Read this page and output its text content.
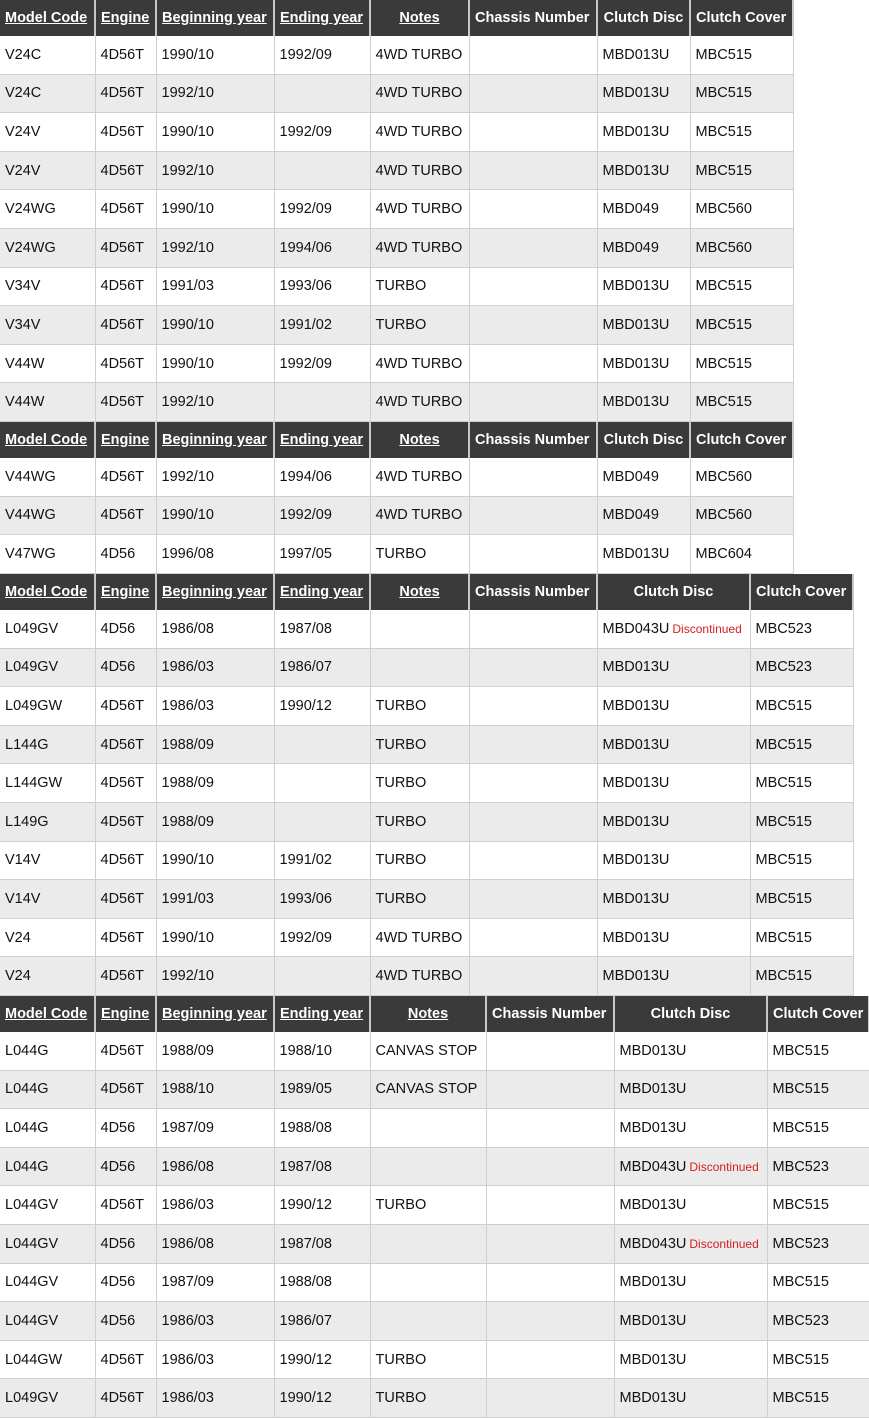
Model Code	Engine	Beginning year	Ending year	Notes	Chassis Number	Clutch Disc	Clutch Cover
V24C	4D56T	1990/10	1992/09	4WD TURBO		MBD013U	MBC515
V24C	4D56T	1992/10		4WD TURBO		MBD013U	MBC515
V24V	4D56T	1990/10	1992/09	4WD TURBO		MBD013U	MBC515
V24V	4D56T	1992/10		4WD TURBO		MBD013U	MBC515
V24WG	4D56T	1990/10	1992/09	4WD TURBO		MBD049	MBC560
V24WG	4D56T	1992/10	1994/06	4WD TURBO		MBD049	MBC560
V34V	4D56T	1991/03	1993/06	TURBO		MBD013U	MBC515
V34V	4D56T	1990/10	1991/02	TURBO		MBD013U	MBC515
V44W	4D56T	1990/10	1992/09	4WD TURBO		MBD013U	MBC515
V44W	4D56T	1992/10		4WD TURBO		MBD013U	MBC515
Model Code	Engine	Beginning year	Ending year	Notes	Chassis Number	Clutch Disc	Clutch Cover
V44WG	4D56T	1992/10	1994/06	4WD TURBO		MBD049	MBC560
V44WG	4D56T	1990/10	1992/09	4WD TURBO		MBD049	MBC560
V47WG	4D56	1996/08	1997/05	TURBO		MBD013U	MBC604
Model Code	Engine	Beginning year	Ending year	Notes	Chassis Number	Clutch Disc	Clutch Cover
L049GV	4D56	1986/08	1987/08			MBD043U Discontinued	MBC523
L049GV	4D56	1986/03	1986/07			MBD013U	MBC523
L049GW	4D56T	1986/03	1990/12	TURBO		MBD013U	MBC515
L144G	4D56T	1988/09		TURBO		MBD013U	MBC515
L144GW	4D56T	1988/09		TURBO		MBD013U	MBC515
L149G	4D56T	1988/09		TURBO		MBD013U	MBC515
V14V	4D56T	1990/10	1991/02	TURBO		MBD013U	MBC515
V14V	4D56T	1991/03	1993/06	TURBO		MBD013U	MBC515
V24	4D56T	1990/10	1992/09	4WD TURBO		MBD013U	MBC515
V24	4D56T	1992/10		4WD TURBO		MBD013U	MBC515
Model Code	Engine	Beginning year	Ending year	Notes	Chassis Number	Clutch Disc	Clutch Cover
L044G	4D56T	1988/09	1988/10	CANVAS STOP		MBD013U	MBC515
L044G	4D56T	1988/10	1989/05	CANVAS STOP		MBD013U	MBC515
L044G	4D56	1987/09	1988/08			MBD013U	MBC515
L044G	4D56	1986/08	1987/08			MBD043U Discontinued	MBC523
L044GV	4D56T	1986/03	1990/12	TURBO		MBD013U	MBC515
L044GV	4D56	1986/08	1987/08			MBD043U Discontinued	MBC523
L044GV	4D56	1987/09	1988/08			MBD013U	MBC515
L044GV	4D56	1986/03	1986/07			MBD013U	MBC523
L044GW	4D56T	1986/03	1990/12	TURBO		MBD013U	MBC515
L049GV	4D56T	1986/03	1990/12	TURBO		MBD013U	MBC515
